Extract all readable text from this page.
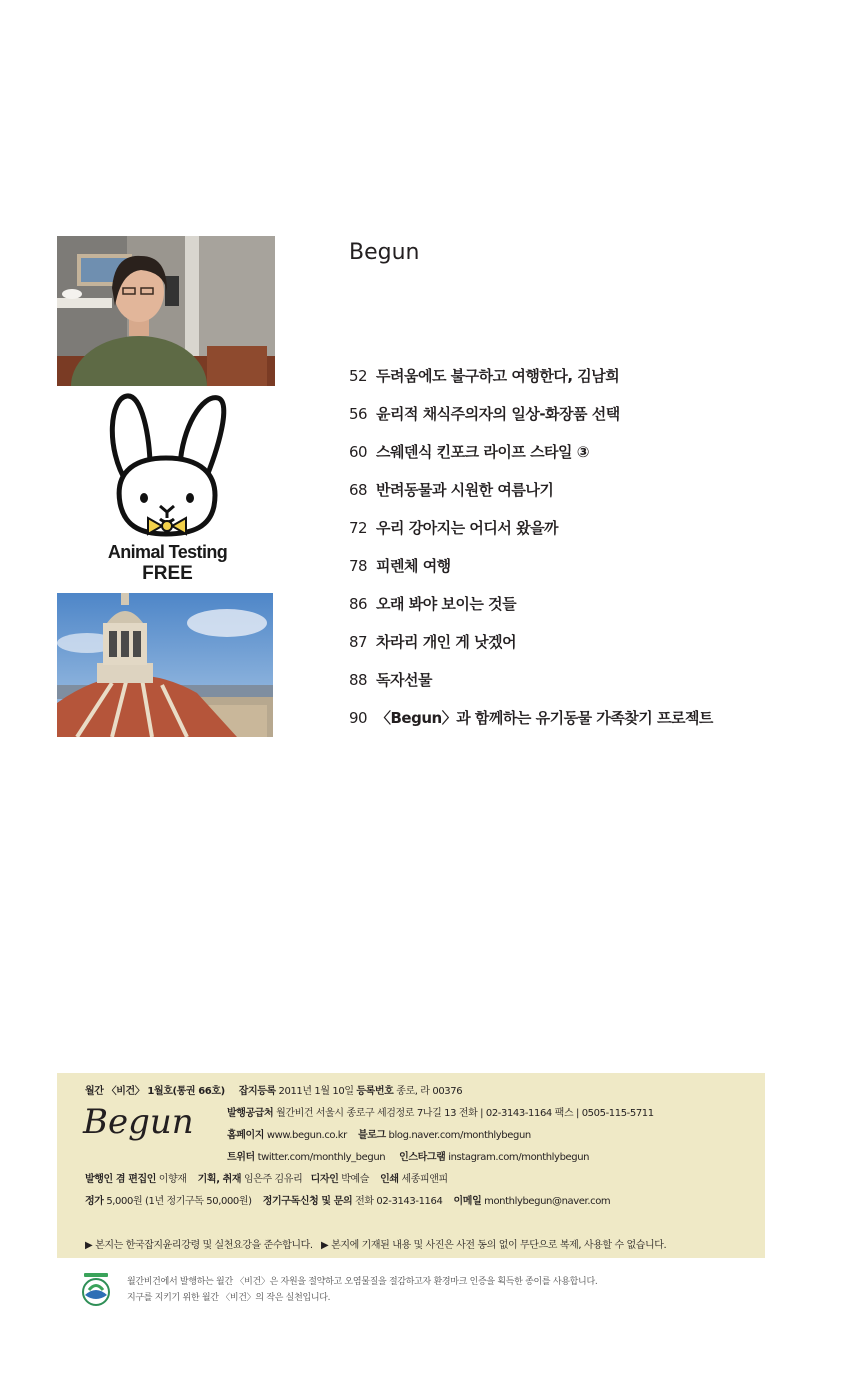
Animal Testing
FREE
Begun
52 두려움에도 불구하고 여행한다, 김남희
56 윤리적 채식주의자의 일상-화장품 선택
60 스웨덴식 킨포크 라이프 스타일 ③
68 반려동물과 시원한 여름나기
72 우리 강아지는 어디서 왔을까
78 피렌체 여행
86 오래 봐야 보이는 것들
87 차라리 개인 게 낫겠어
88 독자선물
90 〈Begun〉과 함께하는 유기동물 가족찾기 프로젝트
월간 〈비건〉 1월호(통권 66호) 잡지등록 2011년 1월 10일 등록번호 종로, 라 00376
Begun	발행공급처 월간비건 서울시 종로구 세검정로 7나길 13 전화 | 02-3143-1164 팩스 | 0505-115-5711
홈페이지 www.begun.co.kr 블로그 blog.naver.com/monthlybegun
트위터 twitter.com/monthly_begun 인스타그램 instagram.com/monthlybegun
발행인 겸 편집인 이향재 기획, 취재 임은주 김유리 디자인 박예슬 인쇄 세종피앤피
정가 5,000원 (1년 정기구독 50,000원) 정기구독신청 및 문의 전화 02-3143-1164 이메일 monthlybegun@naver.com
▶ 본지는 한국잡지윤리강령 및 실천요강을 준수합니다. ▶ 본지에 기재된 내용 및 사진은 사전 동의 없이 무단으로 복제, 사용할 수 없습니다.
월간비건에서 발행하는 월간 〈비건〉은 자원을 절약하고 오염물질을 절감하고자 환경마크 인증을 획득한 종이를 사용합니다.
지구를 지키기 위한 월간 〈비건〉의 작은 실천입니다.
